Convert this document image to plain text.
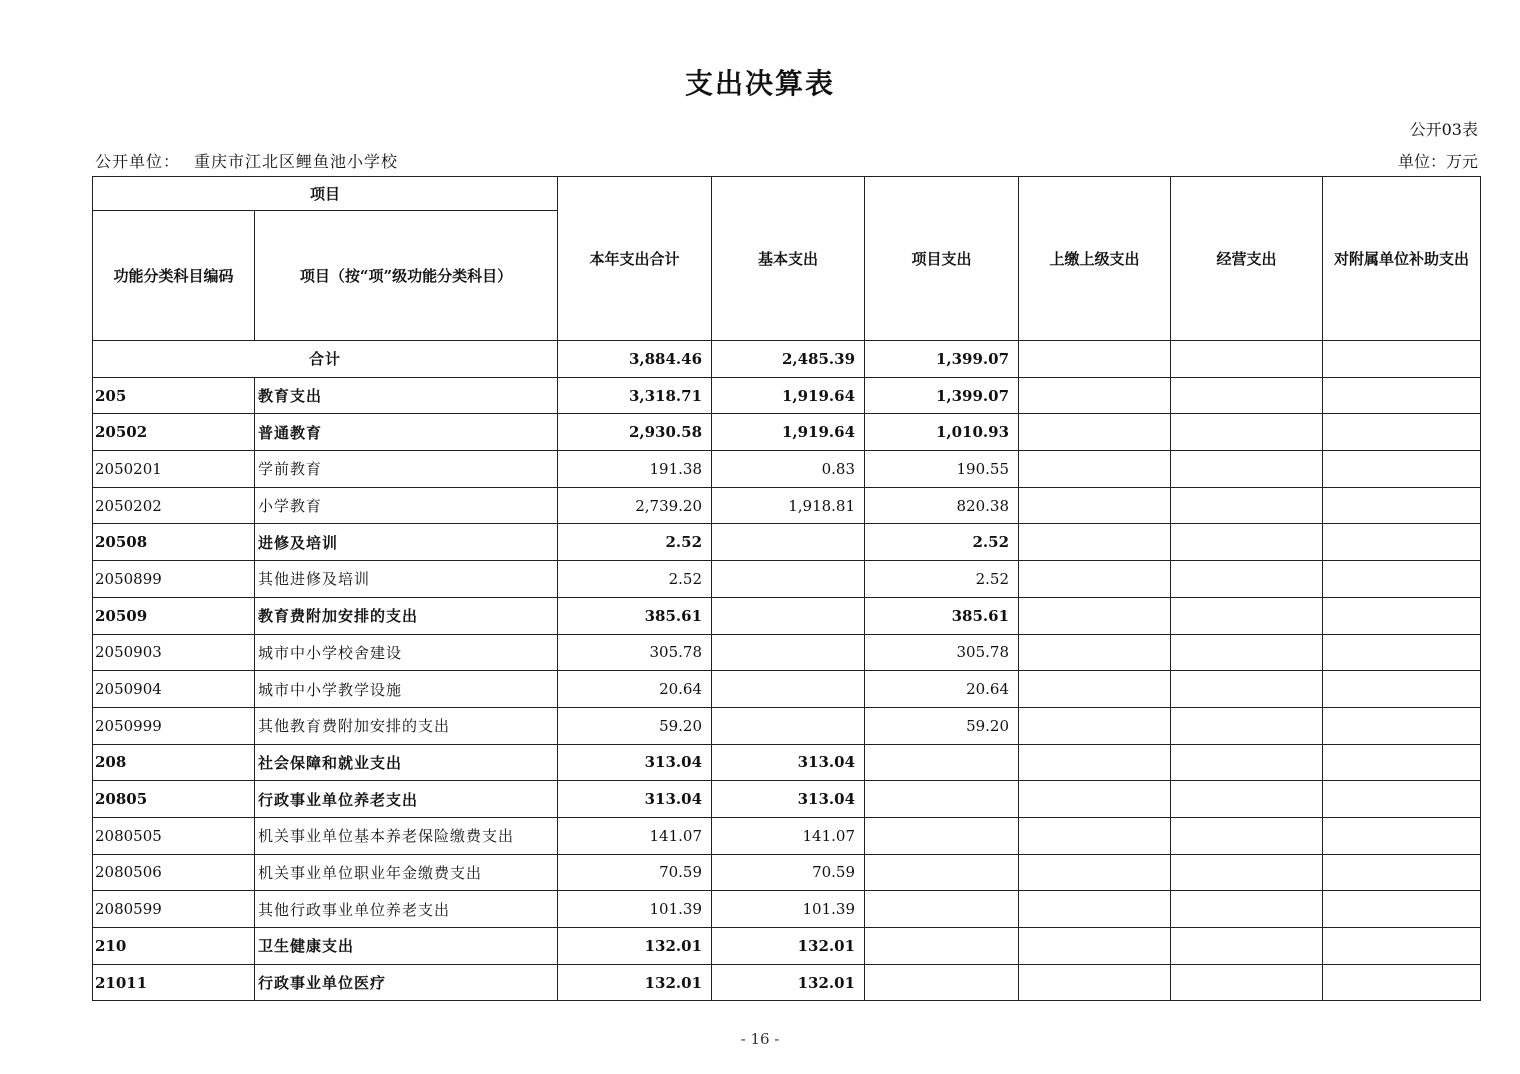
支出决算表
公开03表
公开单位： 重庆市江北区鲤鱼池小学校	单位：万元
项目		本年支出合计	基本支出	项目支出	上缴上级支出	经营支出	对附属单位补助支出
功能分类科目编码	项目（按“项”级功能分类科目）						
合计		3,884.46	2,485.39	1,399.07			
205	教育支出	3,318.71	1,919.64	1,399.07			
20502	普通教育	2,930.58	1,919.64	1,010.93			
2050201	学前教育	191.38	0.83	190.55			
2050202	小学教育	2,739.20	1,918.81	820.38			
20508	进修及培训	2.52		2.52			
2050899	其他进修及培训	2.52		2.52			
20509	教育费附加安排的支出	385.61		385.61			
2050903	城市中小学校舍建设	305.78		305.78			
2050904	城市中小学教学设施	20.64		20.64			
2050999	其他教育费附加安排的支出	59.20		59.20			
208	社会保障和就业支出	313.04	313.04				
20805	行政事业单位养老支出	313.04	313.04				
2080505	机关事业单位基本养老保险缴费支出	141.07	141.07				
2080506	机关事业单位职业年金缴费支出	70.59	70.59				
2080599	其他行政事业单位养老支出	101.39	101.39				
210	卫生健康支出	132.01	132.01				
21011	行政事业单位医疗	132.01	132.01				
- 16 -
